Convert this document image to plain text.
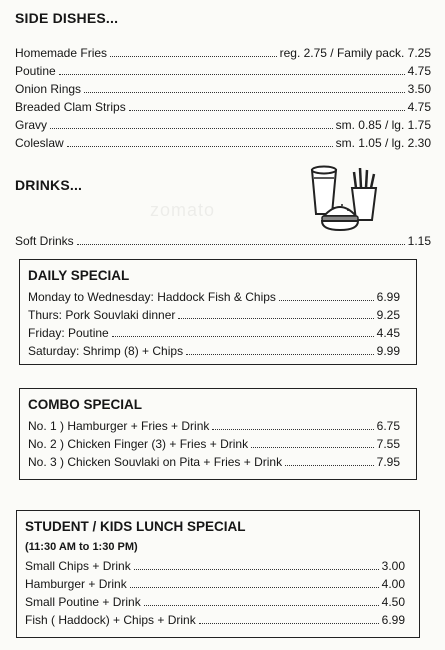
SIDE DISHES...
Homemade Fries	reg. 2.75 / Family pack. 7.25
Poutine	4.75
Onion Rings	3.50
Breaded Clam Strips	4.75
Gravy	sm. 0.85 / lg. 1.75
Coleslaw	sm. 1.05 / lg. 2.30
DRINKS...
zomato
Soft Drinks	1.15
DAILY SPECIAL
Monday to Wednesday: Haddock Fish & Chips	6.99
Thurs: Pork Souvlaki dinner	9.25
Friday: Poutine	4.45
Saturday: Shrimp (8) + Chips	9.99
COMBO SPECIAL
No. 1 ) Hamburger + Fries + Drink	6.75
No. 2 ) Chicken Finger (3) + Fries + Drink	7.55
No. 3 ) Chicken Souvlaki on Pita + Fries + Drink	7.95
STUDENT / KIDS LUNCH SPECIAL
(11:30 AM to 1:30 PM)
Small Chips + Drink	3.00
Hamburger + Drink	4.00
Small Poutine + Drink	4.50
Fish ( Haddock) + Chips + Drink	6.99
